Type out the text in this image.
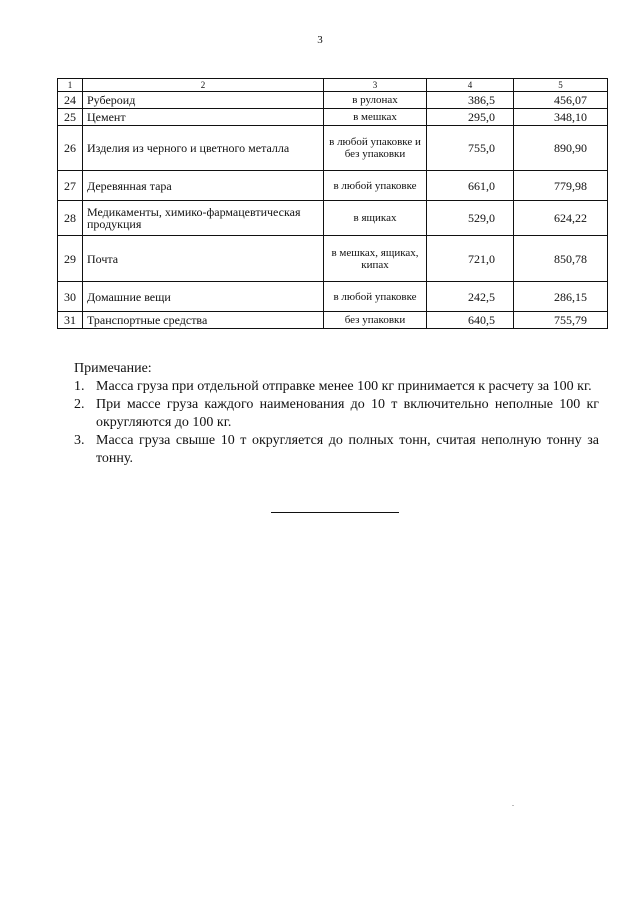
3
1	2	3	4	5
24	Рубероид	в рулонах	386,5	456,07
25	Цемент	в мешках	295,0	348,10
26	Изделия из черного и цветного металла	в любой упаковке и без упаковки	755,0	890,90
27	Деревянная тара	в любой упаковке	661,0	779,98
28	Медикаменты, химико-фармацевтическая продукция	в ящиках	529,0	624,22
29	Почта	в мешках, ящиках, кипах	721,0	850,78
30	Домашние вещи	в любой упаковке	242,5	286,15
31	Транспортные средства	без упаковки	640,5	755,79
Примечание:
1. Масса груза при отдельной отправке менее 100 кг принимается к расчету за 100 кг.
2. При массе груза каждого наименования до 10 т включительно неполные 100 кг округляются до 100 кг.
3. Масса груза свыше 10 т округляется до полных тонн, считая неполную тонну за тонну.
